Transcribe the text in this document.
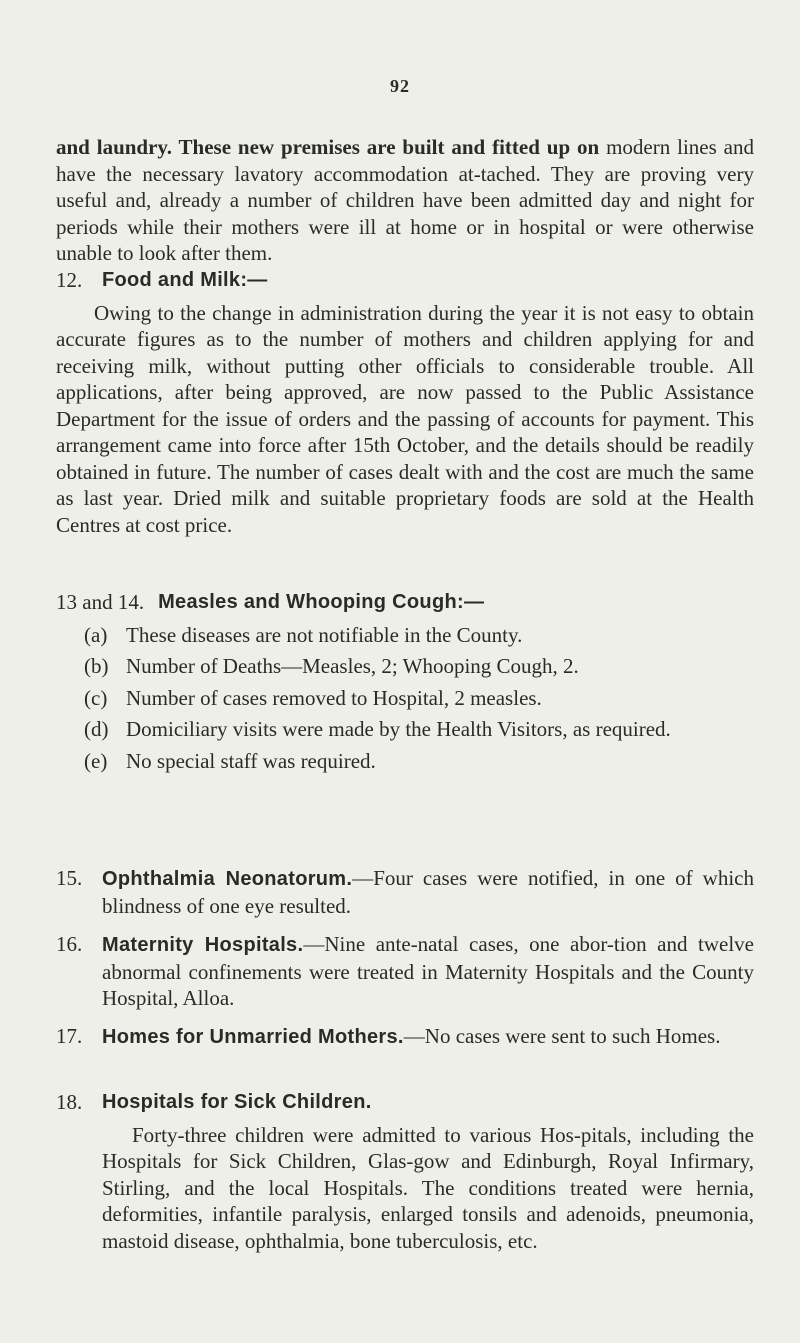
92

and laundry. These new premises are built and fitted up on modern lines and have the necessary lavatory accommodation at-tached. They are proving very useful and, already a number of children have been admitted day and night for periods while their mothers were ill at home or in hospital or were otherwise unable to look after them.

12. Food and Milk:—

Owing to the change in administration during the year it is not easy to obtain accurate figures as to the number of mothers and children applying for and receiving milk, without putting other officials to considerable trouble. All applications, after being approved, are now passed to the Public Assistance Department for the issue of orders and the passing of accounts for payment. This arrangement came into force after 15th October, and the details should be readily obtained in future. The number of cases dealt with and the cost are much the same as last year. Dried milk and suitable proprietary foods are sold at the Health Centres at cost price.

13 and 14. Measles and Whooping Cough:—
(a) These diseases are not notifiable in the County.
(b) Number of Deaths—Measles, 2; Whooping Cough, 2.
(c) Number of cases removed to Hospital, 2 measles.
(d) Domiciliary visits were made by the Health Visitors, as required.
(e) No special staff was required.
15. Ophthalmia Neonatorum.—Four cases were notified, in one of which blindness of one eye resulted.

16. Maternity Hospitals.—Nine ante-natal cases, one abor-tion and twelve abnormal confinements were treated in Maternity Hospitals and the County Hospital, Alloa.

17. Homes for Unmarried Mothers.—No cases were sent to such Homes.

18. Hospitals for Sick Children.

Forty-three children were admitted to various Hos-pitals, including the Hospitals for Sick Children, Glas-gow and Edinburgh, Royal Infirmary, Stirling, and the local Hospitals. The conditions treated were hernia, deformities, infantile paralysis, enlarged tonsils and adenoids, pneumonia, mastoid disease, ophthalmia, bone tuberculosis, etc.
